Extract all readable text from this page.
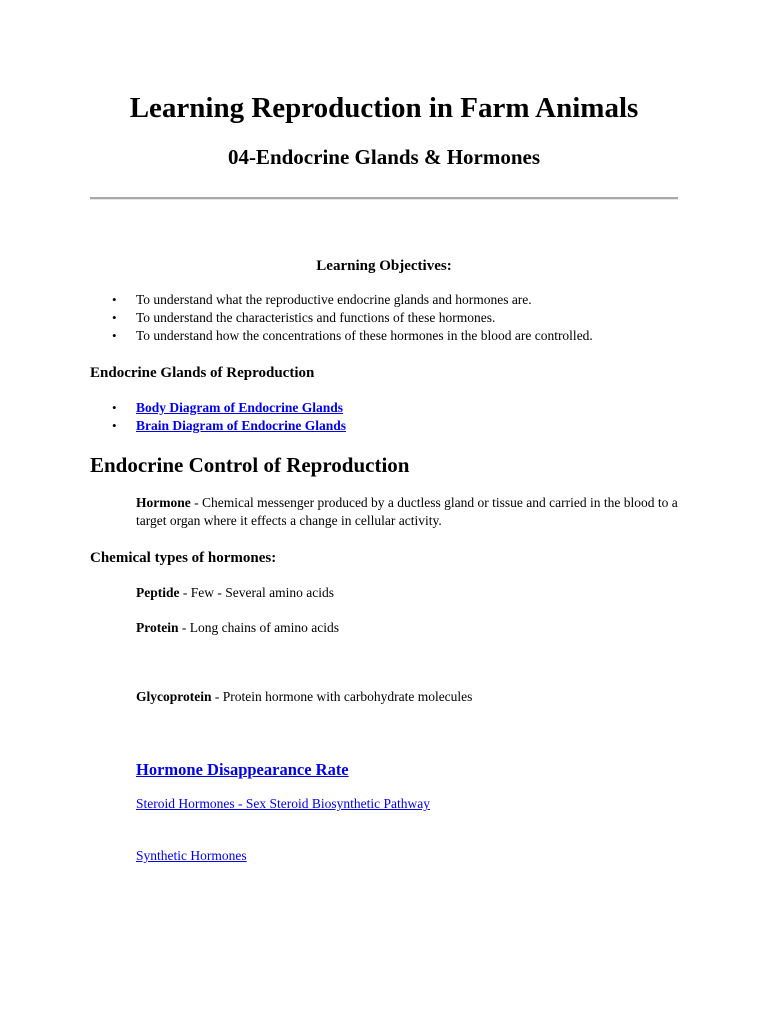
Learning Reproduction in Farm Animals
04-Endocrine Glands & Hormones
Learning Objectives:
•	To understand what the reproductive endocrine glands and hormones are.
•	To understand the characteristics and functions of these hormones.
•	To understand how the concentrations of these hormones in the blood are controlled.
Endocrine Glands of Reproduction
•	Body Diagram of Endocrine Glands
•	Brain Diagram of Endocrine Glands
Endocrine Control of Reproduction

Hormone - Chemical messenger produced by a ductless gland or tissue and carried in the blood to a target organ where it effects a change in cellular activity.

Chemical types of hormones:

Peptide - Few - Several amino acids

Protein - Long chains of amino acids

Glycoprotein - Protein hormone with carbohydrate molecules

Hormone Disappearance Rate
Steroid Hormones - Sex Steroid Biosynthetic Pathway
Synthetic Hormones
